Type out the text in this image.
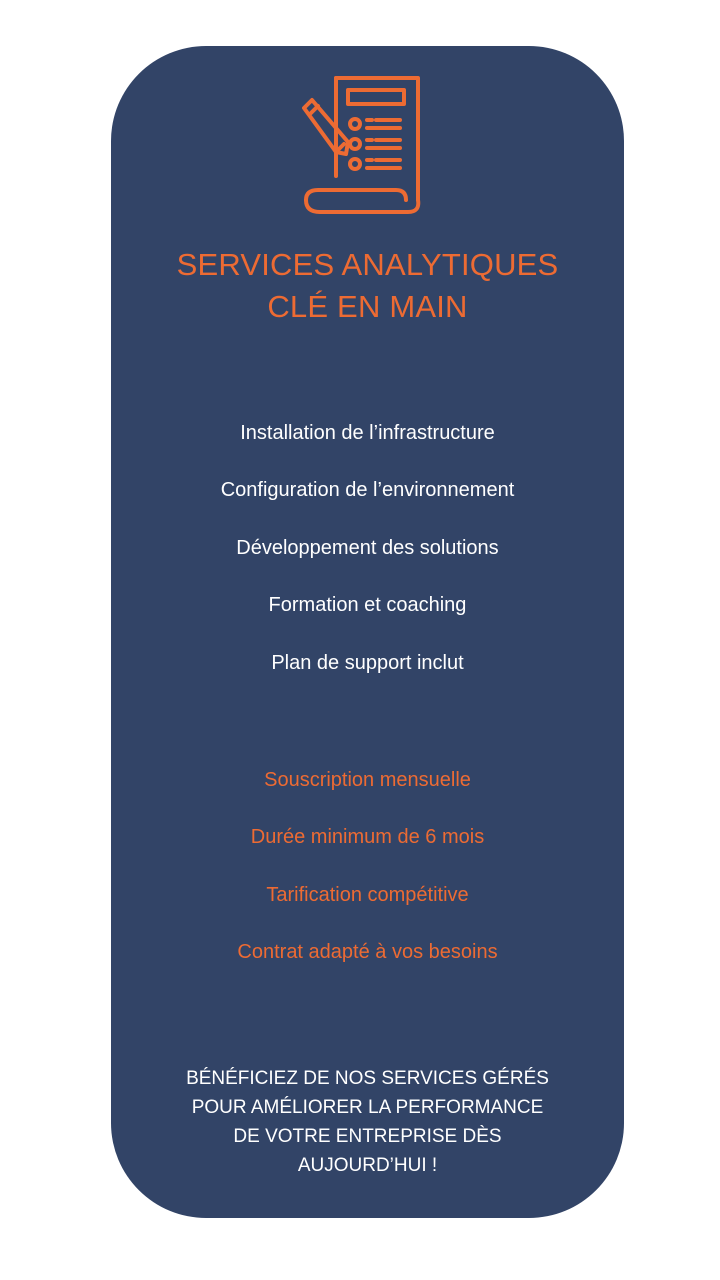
SERVICES ANALYTIQUES
CLÉ EN MAIN
Installation de l’infrastructure
Configuration de l’environnement
Développement des solutions
Formation et coaching
Plan de support inclut
Souscription mensuelle
Durée minimum de 6 mois
Tarification compétitive
Contrat adapté à vos besoins
BÉNÉFICIEZ DE NOS SERVICES GÉRÉS
POUR AMÉLIORER LA PERFORMANCE
DE VOTRE ENTREPRISE DÈS
AUJOURD’HUI !
